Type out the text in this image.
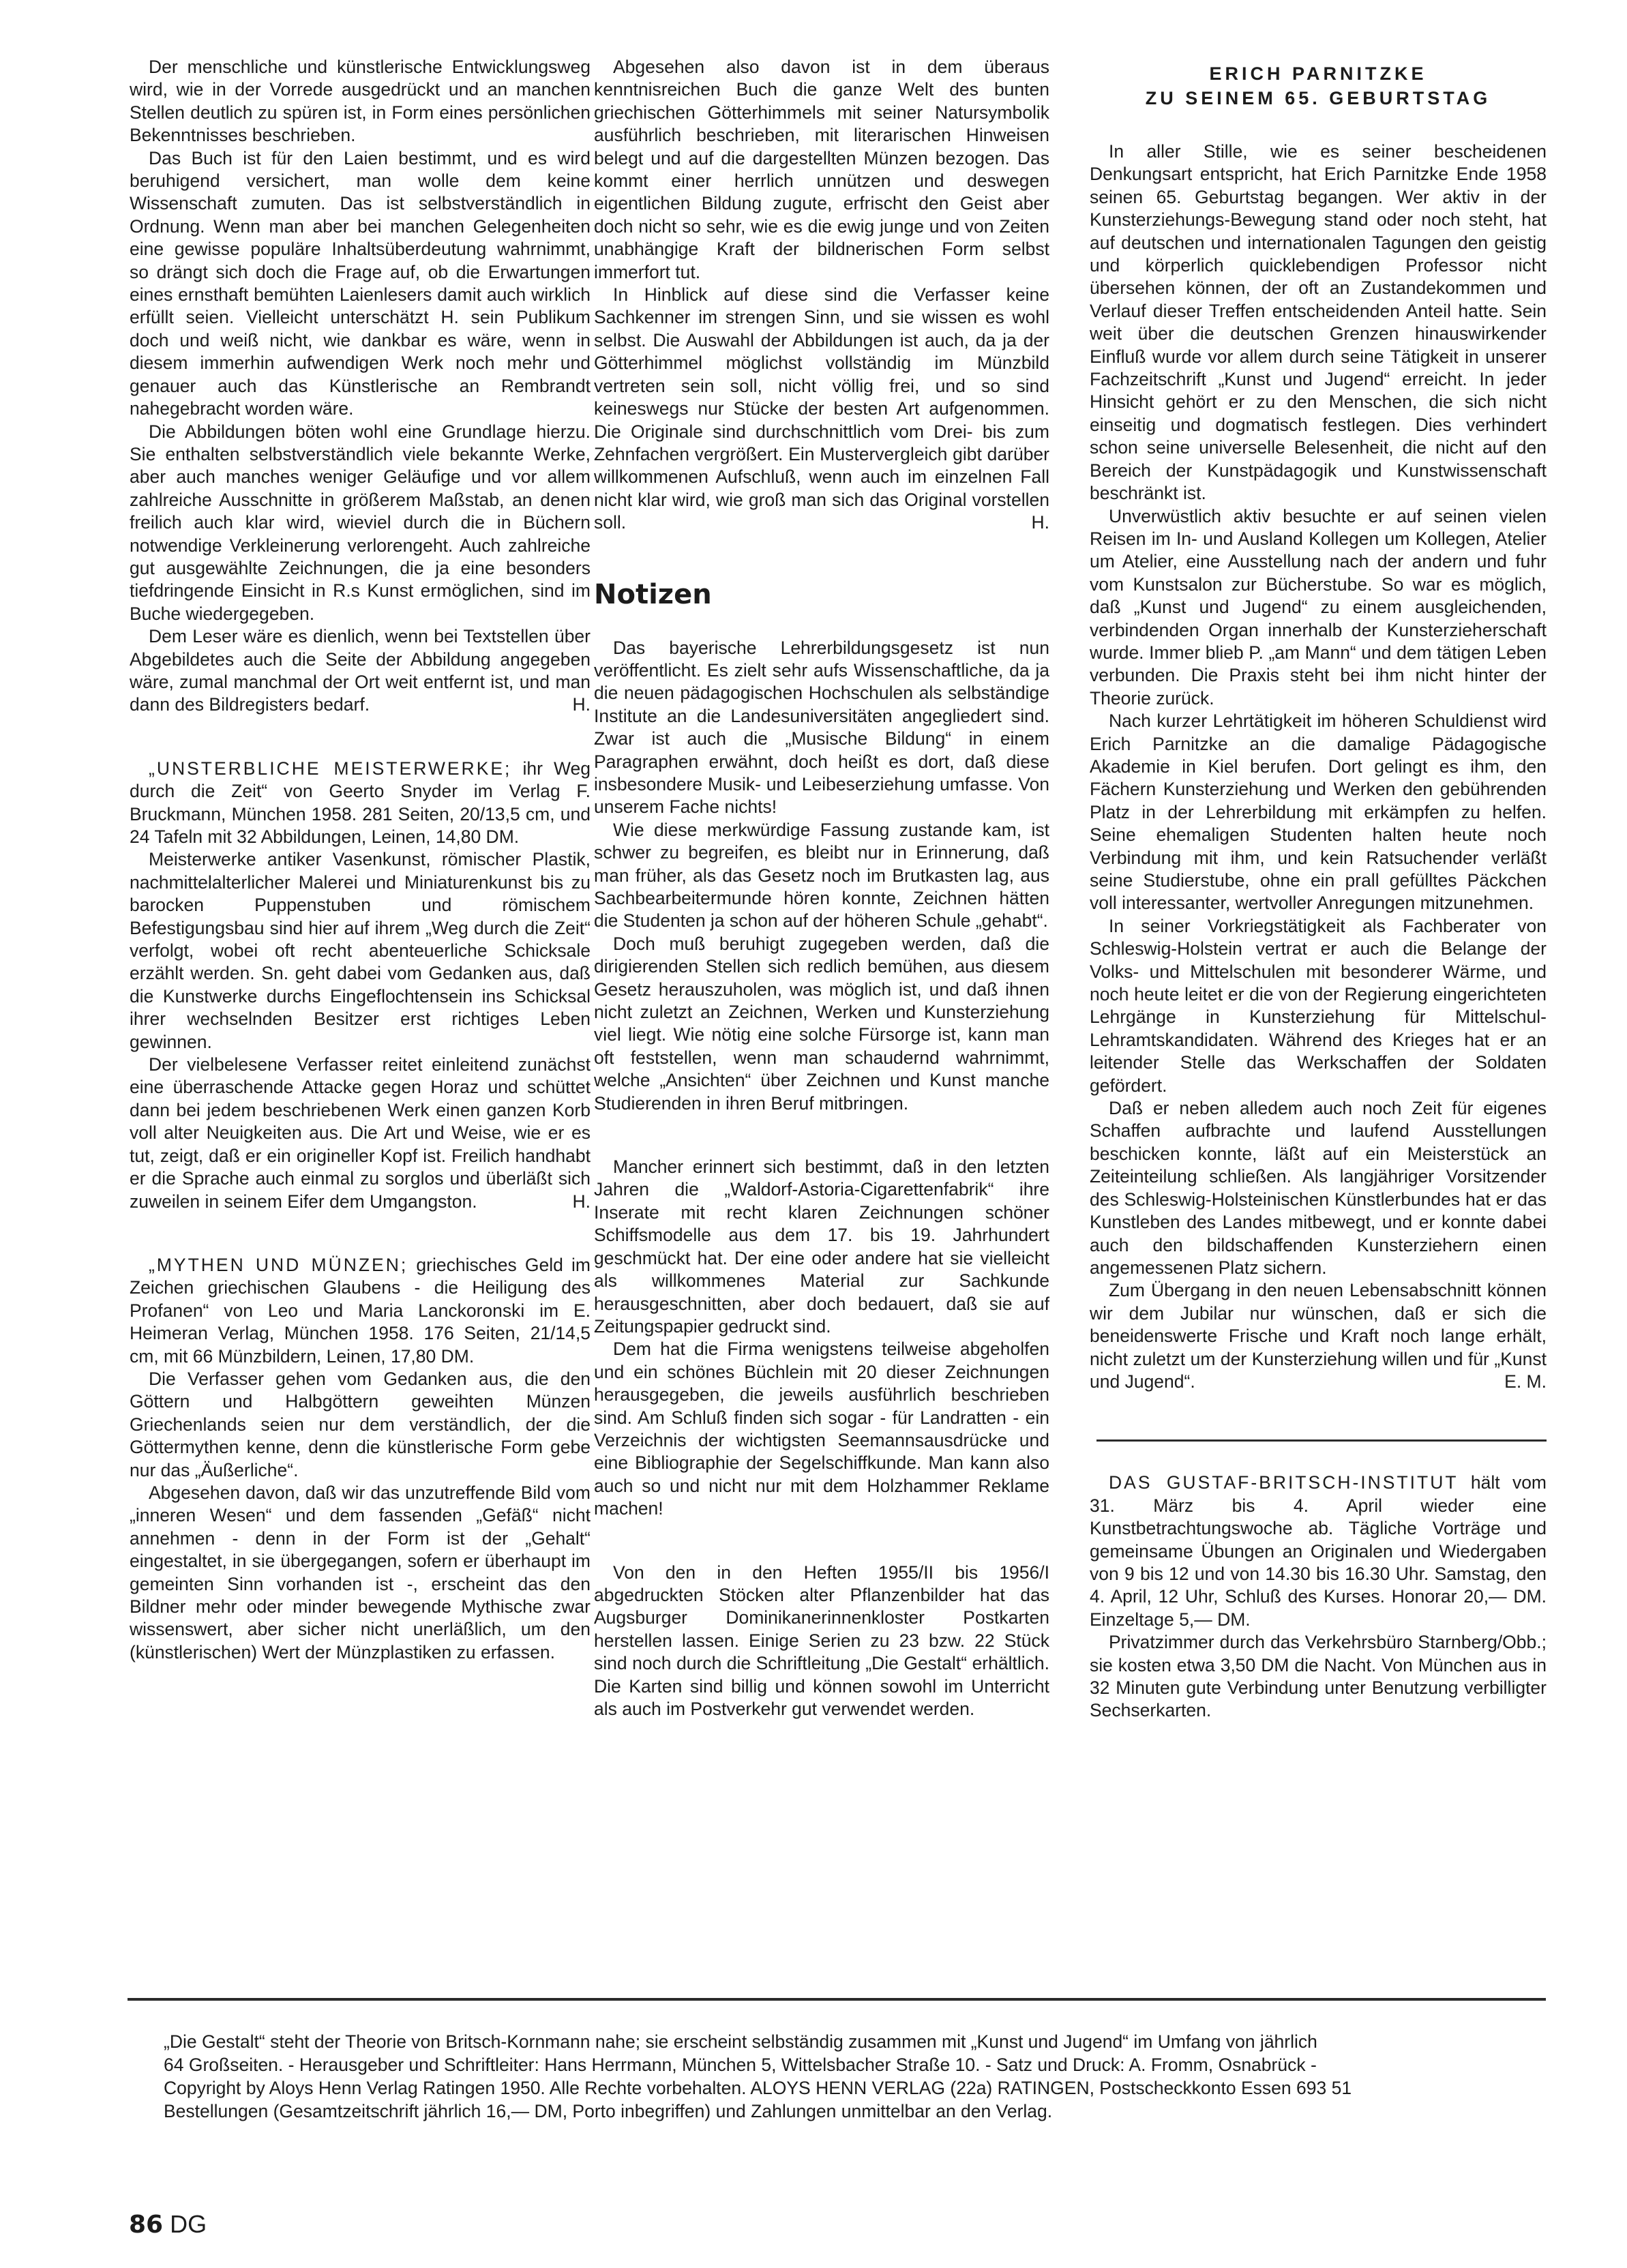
Der menschliche und künstlerische Entwicklungsweg wird, wie in der Vorrede ausgedrückt und an manchen Stellen deutlich zu spüren ist, in Form eines persönlichen Bekenntnisses beschrieben.

Das Buch ist für den Laien bestimmt, und es wird beruhigend versichert, man wolle dem keine Wissenschaft zumuten. Das ist selbstverständlich in Ordnung. Wenn man aber bei manchen Gelegenheiten eine gewisse populäre Inhaltsüberdeutung wahrnimmt, so drängt sich doch die Frage auf, ob die Erwartungen eines ernsthaft bemühten Laienlesers damit auch wirklich erfüllt seien. Vielleicht unterschätzt H. sein Publikum doch und weiß nicht, wie dankbar es wäre, wenn in diesem immerhin aufwendigen Werk noch mehr und genauer auch das Künstlerische an Rembrandt nahegebracht worden wäre.

Die Abbildungen böten wohl eine Grundlage hierzu. Sie enthalten selbstverständlich viele bekannte Werke, aber auch manches weniger Geläufige und vor allem zahlreiche Ausschnitte in größerem Maßstab, an denen freilich auch klar wird, wieviel durch die in Büchern notwendige Verkleinerung verlorengeht. Auch zahlreiche gut ausgewählte Zeichnungen, die ja eine besonders tiefdringende Einsicht in R.s Kunst ermöglichen, sind im Buche wiedergegeben.

Dem Leser wäre es dienlich, wenn bei Textstellen über Abgebildetes auch die Seite der Abbildung angegeben wäre, zumal manchmal der Ort weit entfernt ist, und man dann des Bildregisters bedarf.	H.

„UNSTERBLICHE MEISTERWERKE; ihr Weg durch die Zeit“ von Geerto Snyder im Verlag F. Bruckmann, München 1958. 281 Seiten, 20/13,5 cm, und 24 Tafeln mit 32 Abbildungen, Leinen, 14,80 DM.

Meisterwerke antiker Vasenkunst, römischer Plastik, nachmittelalterlicher Malerei und Miniaturenkunst bis zu barocken Puppenstuben und römischem Befestigungsbau sind hier auf ihrem „Weg durch die Zeit“ verfolgt, wobei oft recht abenteuerliche Schicksale erzählt werden. Sn. geht dabei vom Gedanken aus, daß die Kunstwerke durchs Eingeflochtensein ins Schicksal ihrer wechselnden Besitzer erst richtiges Leben gewinnen.

Der vielbelesene Verfasser reitet einleitend zunächst eine überraschende Attacke gegen Horaz und schüttet dann bei jedem beschriebenen Werk einen ganzen Korb voll alter Neuigkeiten aus. Die Art und Weise, wie er es tut, zeigt, daß er ein origineller Kopf ist. Freilich handhabt er die Sprache auch einmal zu sorglos und überläßt sich zuweilen in seinem Eifer dem Umgangston.	H.

„MYTHEN UND MÜNZEN; griechisches Geld im Zeichen griechischen Glaubens - die Heiligung des Profanen“ von Leo und Maria Lanckoronski im E. Heimeran Verlag, München 1958. 176 Seiten, 21/14,5 cm, mit 66 Münzbildern, Leinen, 17,80 DM.

Die Verfasser gehen vom Gedanken aus, die den Göttern und Halbgöttern geweihten Münzen Griechenlands seien nur dem verständlich, der die Göttermythen kenne, denn die künstlerische Form gebe nur das „Äußerliche“.

Abgesehen davon, daß wir das unzutreffende Bild vom „inneren Wesen“ und dem fassenden „Gefäß“ nicht annehmen - denn in der Form ist der „Gehalt“ eingestaltet, in sie übergegangen, sofern er überhaupt im gemeinten Sinn vorhanden ist -, erscheint das den Bildner mehr oder minder bewegende Mythische zwar wissenswert, aber sicher nicht unerläßlich, um den (künstlerischen) Wert der Münzplastiken zu erfassen.

Abgesehen also davon ist in dem überaus kenntnisreichen Buch die ganze Welt des bunten griechischen Götterhimmels mit seiner Natursymbolik ausführlich beschrieben, mit literarischen Hinweisen belegt und auf die dargestellten Münzen bezogen. Das kommt einer herrlich unnützen und deswegen eigentlichen Bildung zugute, erfrischt den Geist aber doch nicht so sehr, wie es die ewig junge und von Zeiten unabhängige Kraft der bildnerischen Form selbst immerfort tut.

In Hinblick auf diese sind die Verfasser keine Sachkenner im strengen Sinn, und sie wissen es wohl selbst. Die Auswahl der Abbildungen ist auch, da ja der Götterhimmel möglichst vollständig im Münzbild vertreten sein soll, nicht völlig frei, und so sind keineswegs nur Stücke der besten Art aufgenommen. Die Originale sind durchschnittlich vom Drei- bis zum Zehnfachen vergrößert. Ein Mustervergleich gibt darüber willkommenen Aufschluß, wenn auch im einzelnen Fall nicht klar wird, wie groß man sich das Original vorstellen soll.	H.

Notizen

Das bayerische Lehrerbildungsgesetz ist nun veröffentlicht. Es zielt sehr aufs Wissenschaftliche, da ja die neuen pädagogischen Hochschulen als selbständige Institute an die Landesuniversitäten angegliedert sind. Zwar ist auch die „Musische Bildung“ in einem Paragraphen erwähnt, doch heißt es dort, daß diese insbesondere Musik- und Leibeserziehung umfasse. Von unserem Fache nichts!

Wie diese merkwürdige Fassung zustande kam, ist schwer zu begreifen, es bleibt nur in Erinnerung, daß man früher, als das Gesetz noch im Brutkasten lag, aus Sachbearbeitermunde hören konnte, Zeichnen hätten die Studenten ja schon auf der höheren Schule „gehabt“.

Doch muß beruhigt zugegeben werden, daß die dirigierenden Stellen sich redlich bemühen, aus diesem Gesetz herauszuholen, was möglich ist, und daß ihnen nicht zuletzt an Zeichnen, Werken und Kunsterziehung viel liegt. Wie nötig eine solche Fürsorge ist, kann man oft feststellen, wenn man schaudernd wahrnimmt, welche „Ansichten“ über Zeichnen und Kunst manche Studierenden in ihren Beruf mitbringen.

Mancher erinnert sich bestimmt, daß in den letzten Jahren die „Waldorf-Astoria-Cigarettenfabrik“ ihre Inserate mit recht klaren Zeichnungen schöner Schiffsmodelle aus dem 17. bis 19. Jahrhundert geschmückt hat. Der eine oder andere hat sie vielleicht als willkommenes Material zur Sachkunde herausgeschnitten, aber doch bedauert, daß sie auf Zeitungspapier gedruckt sind.

Dem hat die Firma wenigstens teilweise abgeholfen und ein schönes Büchlein mit 20 dieser Zeichnungen herausgegeben, die jeweils ausführlich beschrieben sind. Am Schluß finden sich sogar - für Landratten - ein Verzeichnis der wichtigsten Seemannsausdrücke und eine Bibliographie der Segelschiffkunde. Man kann also auch so und nicht nur mit dem Holzhammer Reklame machen!

Von den in den Heften 1955/II bis 1956/I abgedruckten Stöcken alter Pflanzenbilder hat das Augsburger Dominikanerinnenkloster Postkarten herstellen lassen. Einige Serien zu 23 bzw. 22 Stück sind noch durch die Schriftleitung „Die Gestalt“ erhältlich. Die Karten sind billig und können sowohl im Unterricht als auch im Postverkehr gut verwendet werden.

ERICH PARNITZKE
ZU SEINEM 65. GEBURTSTAG

In aller Stille, wie es seiner bescheidenen Denkungsart entspricht, hat Erich Parnitzke Ende 1958 seinen 65. Geburtstag begangen. Wer aktiv in der Kunsterziehungs-Bewegung stand oder noch steht, hat auf deutschen und internationalen Tagungen den geistig und körperlich quicklebendigen Professor nicht übersehen können, der oft an Zustandekommen und Verlauf dieser Treffen entscheidenden Anteil hatte. Sein weit über die deutschen Grenzen hinauswirkender Einfluß wurde vor allem durch seine Tätigkeit in unserer Fachzeitschrift „Kunst und Jugend“ erreicht. In jeder Hinsicht gehört er zu den Menschen, die sich nicht einseitig und dogmatisch festlegen. Dies verhindert schon seine universelle Belesenheit, die nicht auf den Bereich der Kunstpädagogik und Kunstwissenschaft beschränkt ist.

Unverwüstlich aktiv besuchte er auf seinen vielen Reisen im In- und Ausland Kollegen um Kollegen, Atelier um Atelier, eine Ausstellung nach der andern und fuhr vom Kunstsalon zur Bücherstube. So war es möglich, daß „Kunst und Jugend“ zu einem ausgleichenden, verbindenden Organ innerhalb der Kunsterzieherschaft wurde. Immer blieb P. „am Mann“ und dem tätigen Leben verbunden. Die Praxis steht bei ihm nicht hinter der Theorie zurück.

Nach kurzer Lehrtätigkeit im höheren Schuldienst wird Erich Parnitzke an die damalige Pädagogische Akademie in Kiel berufen. Dort gelingt es ihm, den Fächern Kunsterziehung und Werken den gebührenden Platz in der Lehrerbildung mit erkämpfen zu helfen. Seine ehemaligen Studenten halten heute noch Verbindung mit ihm, und kein Ratsuchender verläßt seine Studierstube, ohne ein prall gefülltes Päckchen voll interessanter, wertvoller Anregungen mitzunehmen.

In seiner Vorkriegstätigkeit als Fachberater von Schleswig-Holstein vertrat er auch die Belange der Volks- und Mittelschulen mit besonderer Wärme, und noch heute leitet er die von der Regierung eingerichteten Lehrgänge in Kunsterziehung für Mittelschul-Lehramtskandidaten. Während des Krieges hat er an leitender Stelle das Werkschaffen der Soldaten gefördert.

Daß er neben alledem auch noch Zeit für eigenes Schaffen aufbrachte und laufend Ausstellungen beschicken konnte, läßt auf ein Meisterstück an Zeiteinteilung schließen. Als langjähriger Vorsitzender des Schleswig-Holsteinischen Künstlerbundes hat er das Kunstleben des Landes mitbewegt, und er konnte dabei auch den bildschaffenden Kunsterziehern einen angemessenen Platz sichern.

Zum Übergang in den neuen Lebensabschnitt können wir dem Jubilar nur wünschen, daß er sich die beneidenswerte Frische und Kraft noch lange erhält, nicht zuletzt um der Kunsterziehung willen und für „Kunst und Jugend“.	E. M.

DAS GUSTAF-BRITSCH-INSTITUT hält vom 31. März bis 4. April wieder eine Kunstbetrachtungswoche ab. Tägliche Vorträge und gemeinsame Übungen an Originalen und Wiedergaben von 9 bis 12 und von 14.30 bis 16.30 Uhr. Samstag, den 4. April, 12 Uhr, Schluß des Kurses. Honorar 20,— DM. Einzeltage 5,— DM.

Privatzimmer durch das Verkehrsbüro Starnberg/Obb.; sie kosten etwa 3,50 DM die Nacht. Von München aus in 32 Minuten gute Verbindung unter Benutzung verbilligter Sechserkarten.

„Die Gestalt“ steht der Theorie von Britsch-Kornmann nahe; sie erscheint selbständig zusammen mit „Kunst und Jugend“ im Umfang von jährlich
64 Großseiten. - Herausgeber und Schriftleiter: Hans Herrmann, München 5, Wittelsbacher Straße 10. - Satz und Druck: A. Fromm, Osnabrück -
Copyright by Aloys Henn Verlag Ratingen 1950. Alle Rechte vorbehalten. ALOYS HENN VERLAG (22a) RATINGEN, Postscheckkonto Essen 693 51
Bestellungen (Gesamtzeitschrift jährlich 16,— DM, Porto inbegriffen) und Zahlungen unmittelbar an den Verlag.
86 DG
